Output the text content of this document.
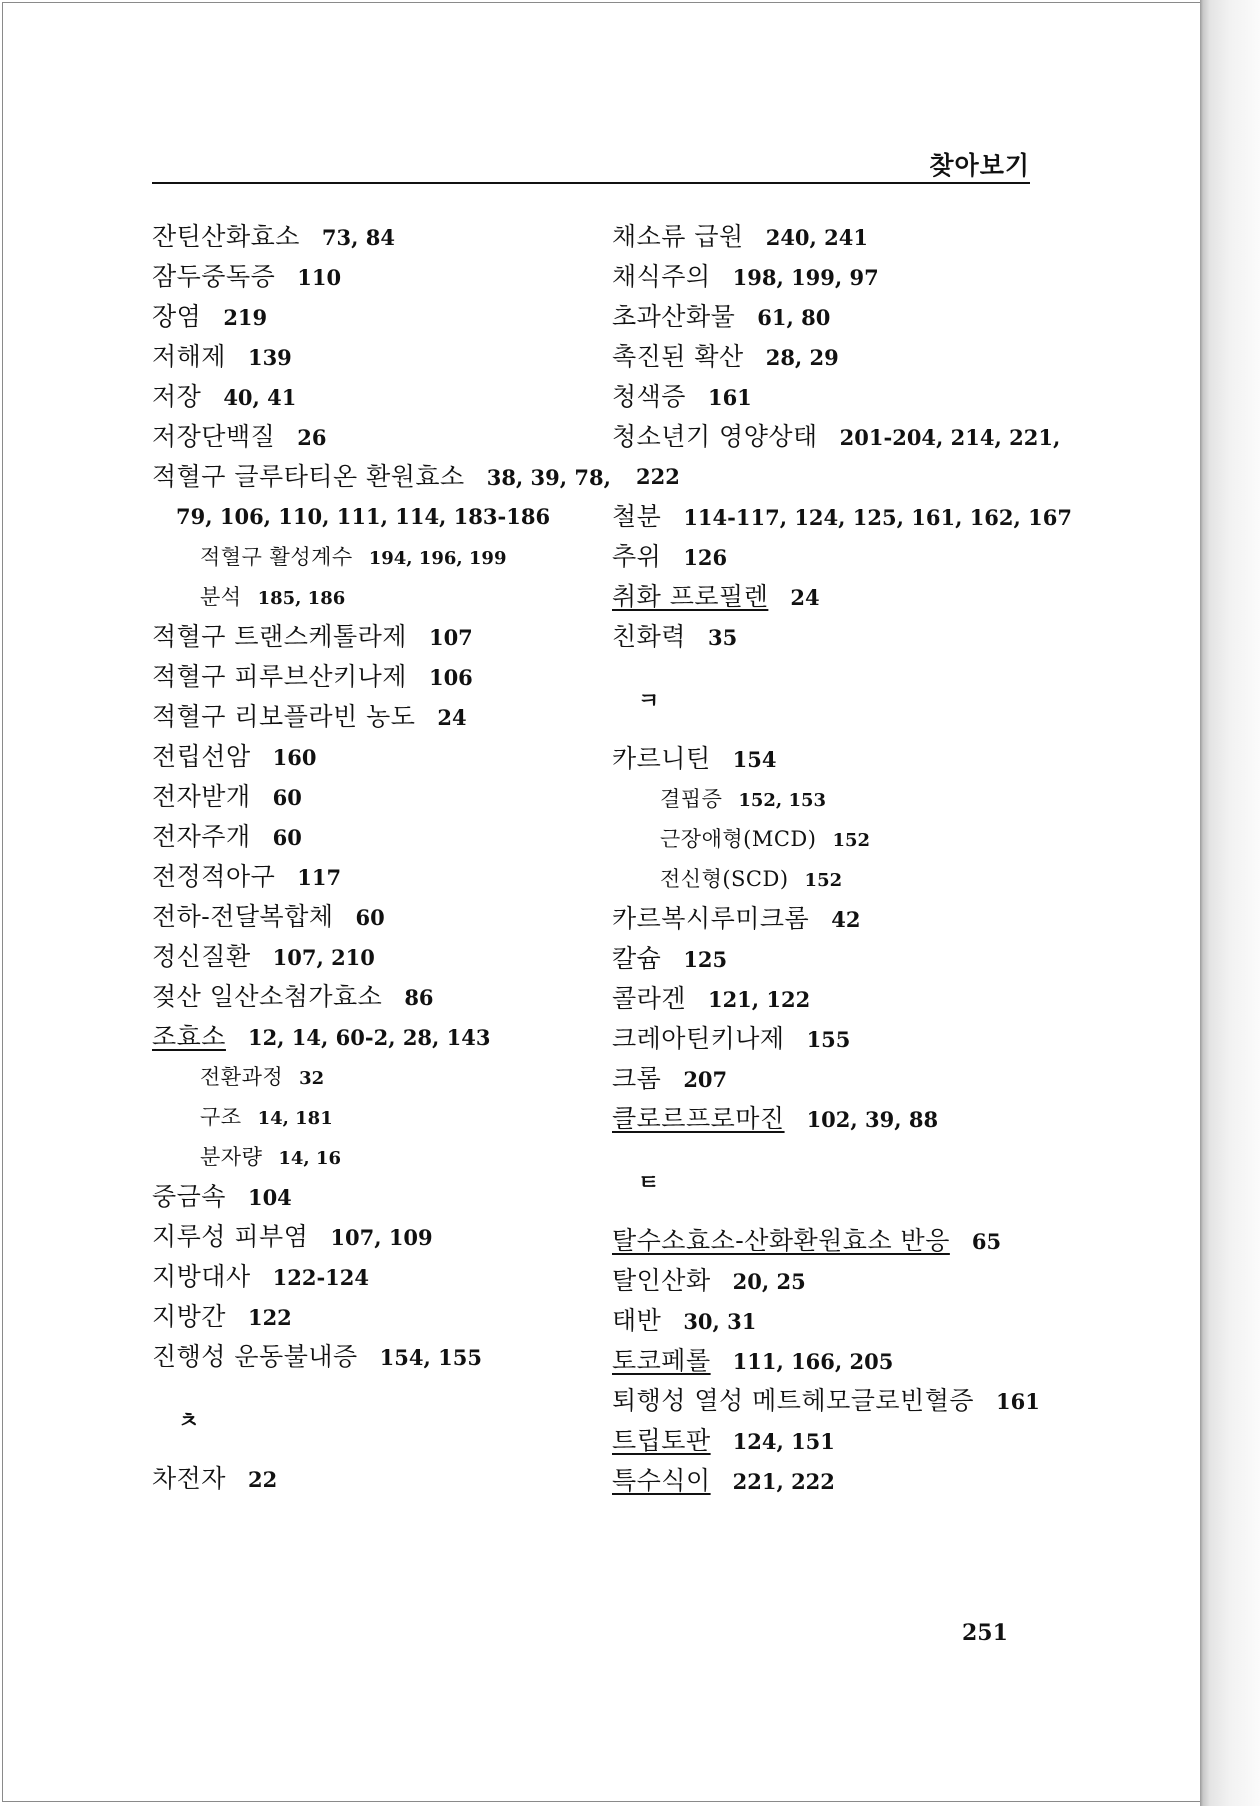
찾아보기
잔틴산화효소 73, 84
잠두중독증 110
장염 219
저해제 139
저장 40, 41
저장단백질 26
적혈구 글루타티온 환원효소 38, 39, 78,
79, 106, 110, 111, 114, 183-186
적혈구 활성계수 194, 196, 199
분석 185, 186
적혈구 트랜스케톨라제 107
적혈구 피루브산키나제 106
적혈구 리보플라빈 농도 24
전립선암 160
전자받개 60
전자주개 60
전정적아구 117
전하-전달복합체 60
정신질환 107, 210
젖산 일산소첨가효소 86
조효소 12, 14, 60-2, 28, 143
전환과정 32
구조 14, 181
분자량 14, 16
중금속 104
지루성 피부염 107, 109
지방대사 122-124
지방간 122
진행성 운동불내증 154, 155
ㅊ
차전자 22
채소류 급원 240, 241
채식주의 198, 199, 97
초과산화물 61, 80
촉진된 확산 28, 29
청색증 161
청소년기 영양상태 201-204, 214, 221,
222
철분 114-117, 124, 125, 161, 162, 167
추위 126
취화 프로필렌 24
친화력 35
ㅋ
카르니틴 154
결핍증 152, 153
근장애형(MCD) 152
전신형(SCD) 152
카르복시루미크롬 42
칼슘 125
콜라겐 121, 122
크레아틴키나제 155
크롬 207
클로르프로마진 102, 39, 88
ㅌ
탈수소효소-산화환원효소 반응 65
탈인산화 20, 25
태반 30, 31
토코페롤 111, 166, 205
퇴행성 열성 메트헤모글로빈혈증 161
트립토판 124, 151
특수식이 221, 222
251
